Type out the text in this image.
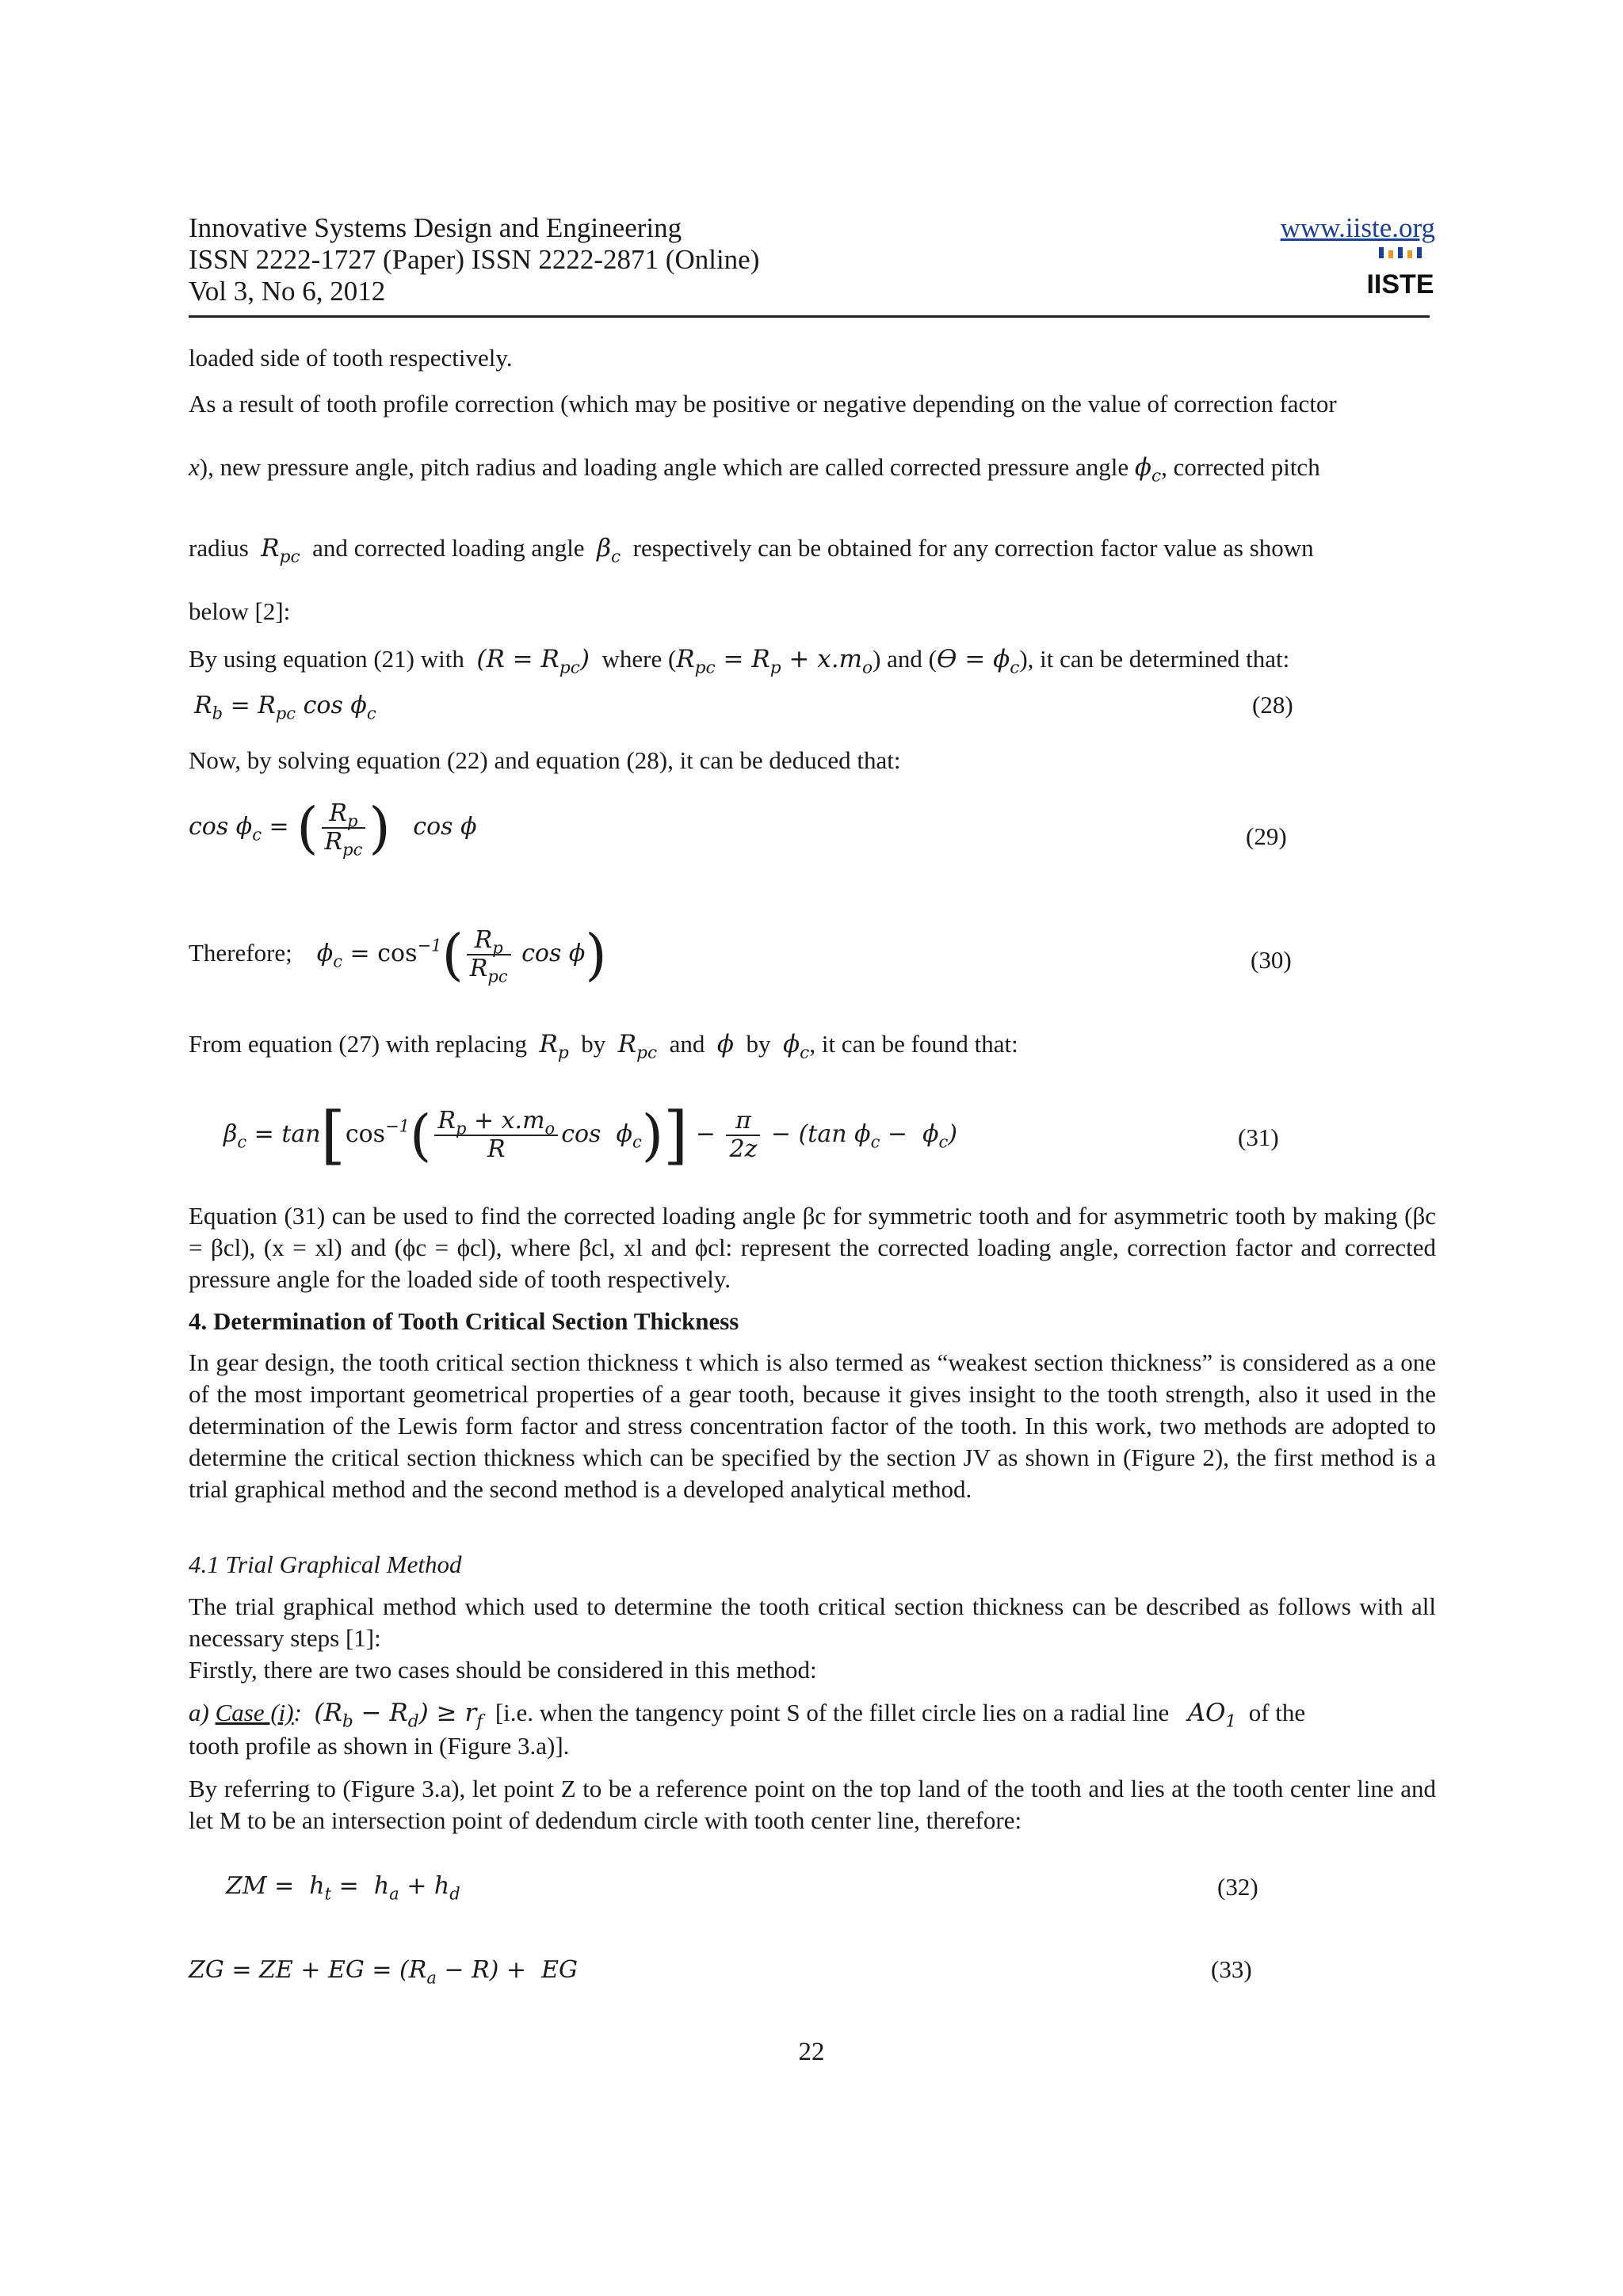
Innovative Systems Design and Engineering
ISSN 2222-1727 (Paper) ISSN 2222-2871 (Online)
Vol 3, No 6, 2012
www.iiste.org
IISTE
loaded side of tooth respectively.
As a result of tooth profile correction (which may be positive or negative depending on the value of correction factor
x), new pressure angle, pitch radius and loading angle which are called corrected pressure angle $\phi_c$, corrected pitch
radius $R_{pc}$ and corrected loading angle $\beta_c$ respectively can be obtained for any correction factor value as shown
below [2]:
By using equation (21) with $(R = R_{pc})$ where $(R_{pc} = R_p + x.m_o)$ and $(ϴ = \phi_c)$, it can be determined that:
$R_b = R_{pc}$ $\cos \phi_c$	(28)
Now, by solving equation (22) and equation (28), it can be deduced that:
$\cos \phi_c$ = ( $\frac{R_p}{R_{pc}}$ )   cos ϕ	(29)
Therefore; $\phi_c = \cos^{-1}( \frac{R_p}{R_{pc}}$ cos ϕ)	(30)
From equation (27) with replacing $R_p$ by $R_{pc}$ and ϕ by $\phi_c$, it can be found that:
$\beta_c = \tan[\cos^{-1}( \frac{R_p + x.m_o}{R}$ $\cos \phi_c)] - \frac{\pi}{2z} - (\tan$ $\phi_c - \phi_c$)	(31)
Equation (31) can be used to find the corrected loading angle βc for symmetric tooth and for asymmetric tooth by making (βc = βcl), (x = xl) and (ϕc = ϕcl), where βcl, xl and ϕcl: represent the corrected loading angle, correction factor and corrected pressure angle for the loaded side of tooth respectively.
4. Determination of Tooth Critical Section Thickness
In gear design, the tooth critical section thickness t which is also termed as “weakest section thickness” is considered as a one of the most important geometrical properties of a gear tooth, because it gives insight to the tooth strength, also it used in the determination of the Lewis form factor and stress concentration factor of the tooth. In this work, two methods are adopted to determine the critical section thickness which can be specified by the section JV as shown in (Figure 2), the first method is a trial graphical method and the second method is a developed analytical method.
4.1 Trial Graphical Method
The trial graphical method which used to determine the tooth critical section thickness can be described as follows with all necessary steps [1]:
Firstly, there are two cases should be considered in this method:
a) Case (i): $(R_b - R_d) \ge r_f$ [i.e. when the tangency point S of the fillet circle lies on a radial line $AO_1$ of the
tooth profile as shown in (Figure 3.a)].
By referring to (Figure 3.a), let point Z to be a reference point on the top land of the tooth and lies at the tooth center line and let M to be an intersection point of dedendum circle with tooth center line, therefore:
ZM =  $h_t = h_a + h_d$	(32)
ZG = ZE + EG = $(R_a - R)$ +  EG	(33)
22
